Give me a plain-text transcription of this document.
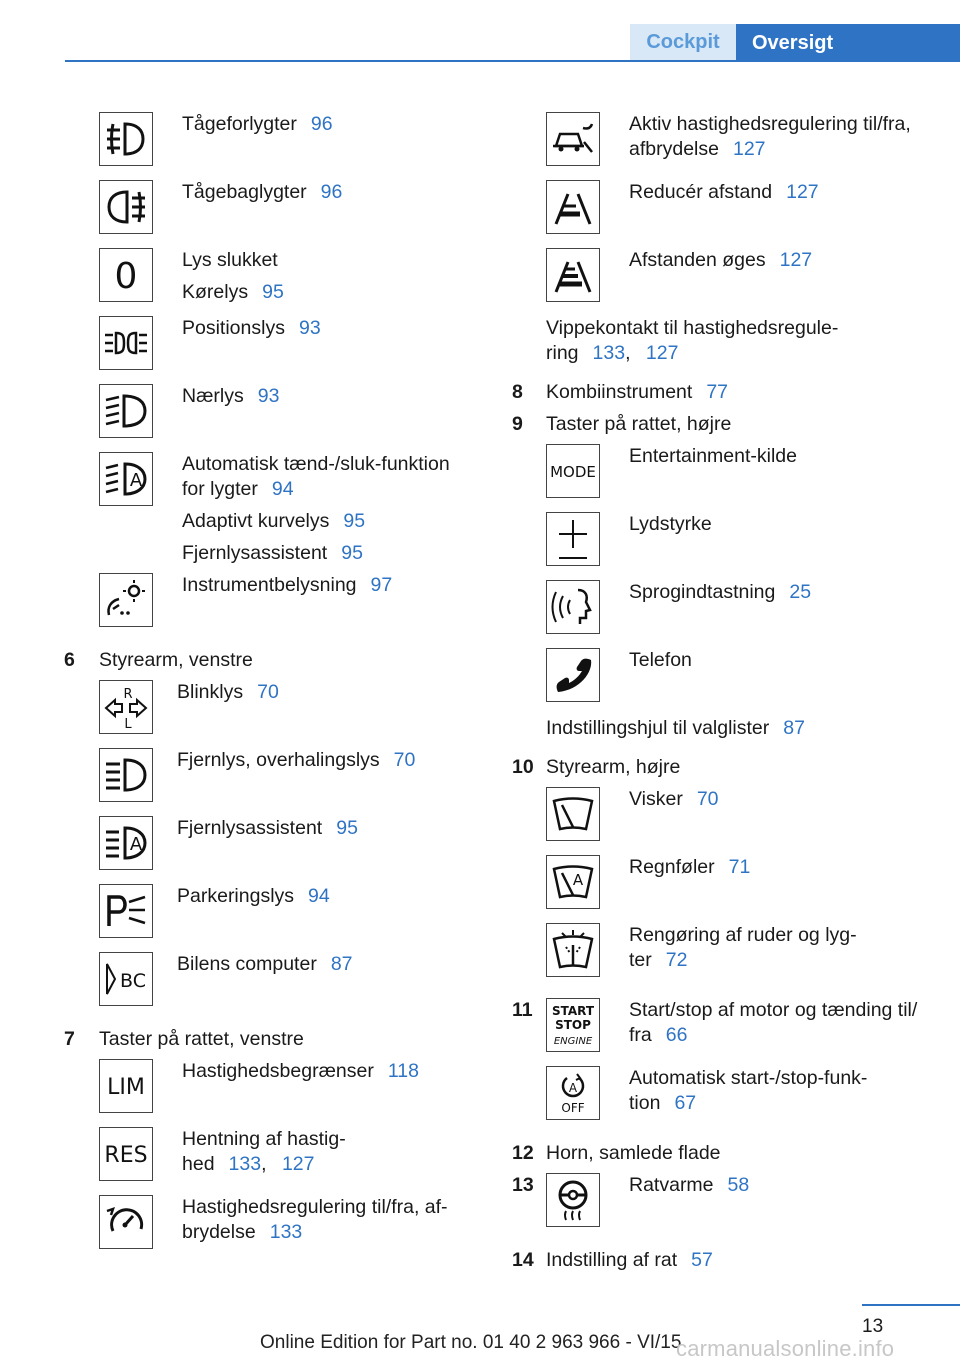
Cockpit	Oversigt
Tågeforlygter 96
Tågebaglygter 96
0 Lys slukket
Kørelys 95
Positionslys 93
Nærlys 93
A
Automatisk tænd-/sluk-funktion
for lygter 94
Adaptivt kurvelys 95
Fjernlysassistent 95
Instrumentbelysning 97
6 Styrearm, venstre
R
L
Blinklys 70
Fjernlys, overhalingslys 70
A
Fjernlysassistent 95
Parkeringslys 94
BC
Bilens computer 87
7 Taster på rattet, venstre
LIM
Hastighedsbegrænser 118
RES
Hentning af hastig-
hed 133, 127
Hastighedsregulering til/fra, af-
brydelse 133
Aktiv hastighedsregulering til/fra,
afbrydelse 127
Reducér afstand 127
Afstanden øges 127
Vippekontakt til hastighedsregule-
ring 133, 127
8 Kombiinstrument 77
9 Taster på rattet, højre
MODE
Entertainment-kilde
Lydstyrke
Sprogindtastning 25
Telefon
Indstillingshjul til valglister 87
10 Styrearm, højre
Visker 70
A
Regnføler 71
Rengøring af ruder og lyg-
ter 72
11 START
STOP
ENGINE
Start/stop af motor og tænding til/
fra 66
A
OFF
Automatisk start-/stop-funk-
tion 67
12 Horn, samlede flade
13	Ratvarme 58
14 Indstilling af rat 57
13
Online Edition for Part no. 01 40 2 963 966 - VI/15
carmanualsonline.info
